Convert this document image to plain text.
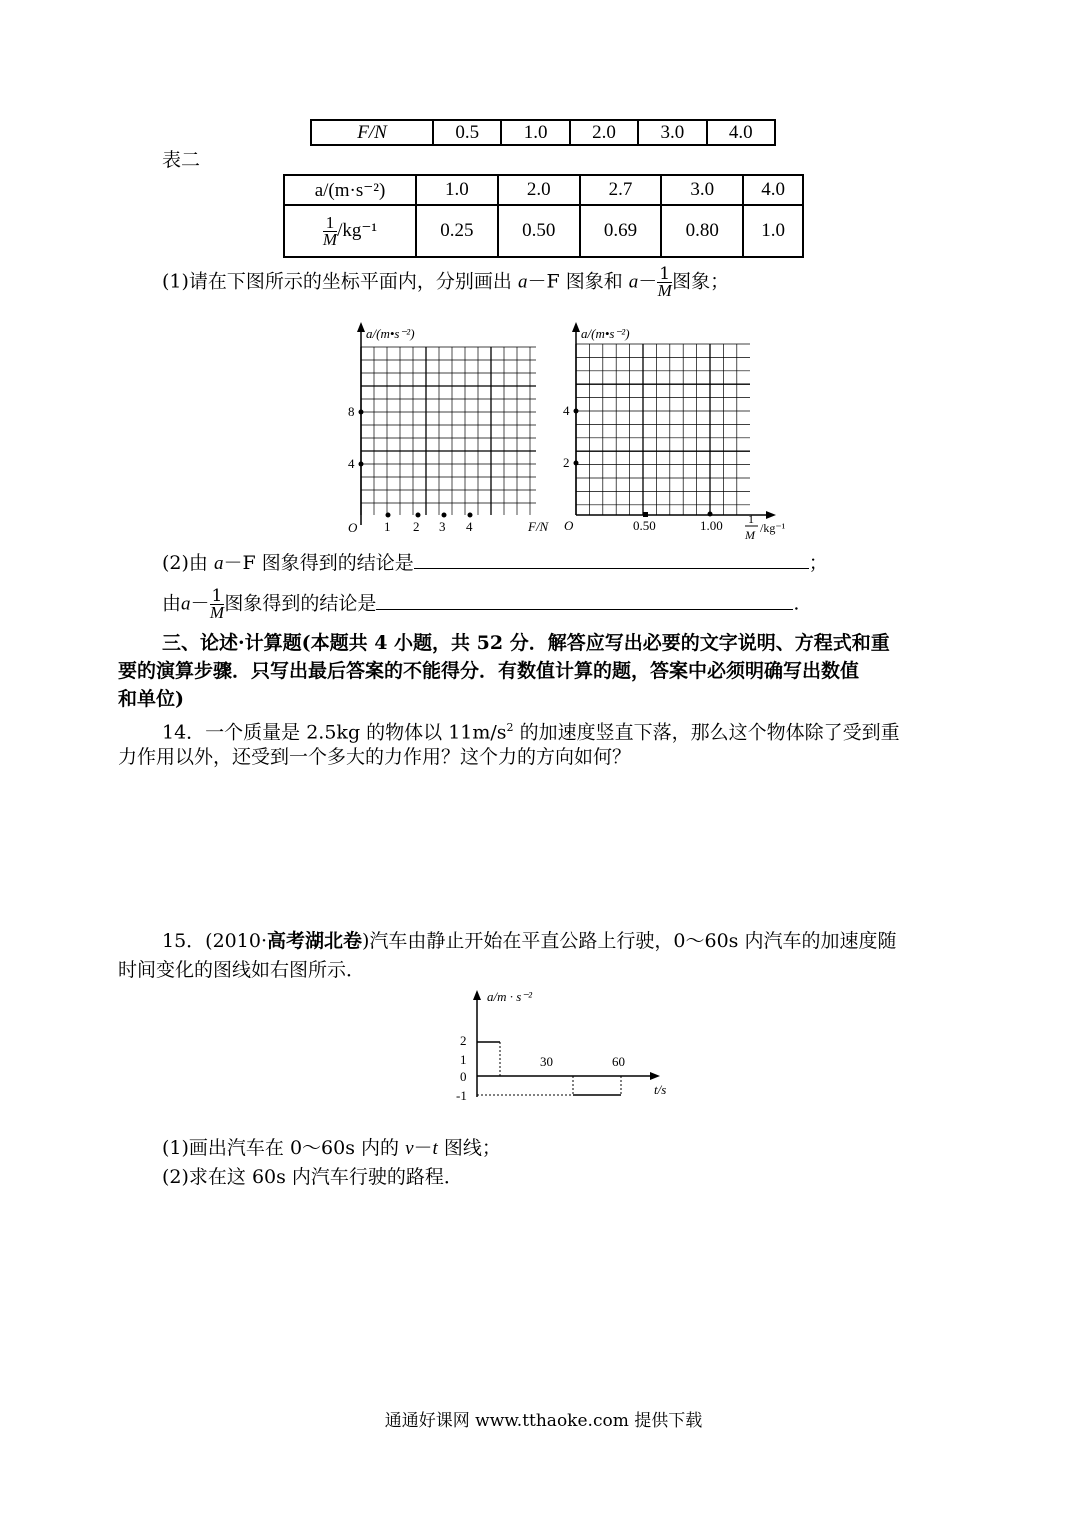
F/N	0.5	1.0	2.0	3.0	4.0
表二
a/(m·s⁻²)	1.0	2.0	2.7	3.0	4.0

$\frac{1}{M} /kg^{-1}$	0.25	0.50	0.69	0.80	1.0
(1)请在下图所示的坐标平面内，分别画出 a－F 图象和 $a- \frac{1}{M}$ 图象；
a/(m•s⁻²)
8
4
O 1 2 3 4	F/N
a/(m•s⁻²)
4
2
O	0.50	1.00 1
M /kg⁻¹
(2)由 a－F 图象得到的结论是	；
由$a- \frac{1}{M}$ 图象得到的结论是	.
三、论述·计算题(本题共 4 小题，共 52 分．解答应写出必要的文字说明、方程式和重
要的演算步骤．只写出最后答案的不能得分．有数值计算的题，答案中必须明确写出数值
和单位)
14．一个质量是 2.5kg 的物体以 $11m/s^2$ 的加速度竖直下落，那么这个物体除了受到重
力作用以外，还受到一个多大的力作用？这个力的方向如何？
15．(2010·高考湖北卷)汽车由静止开始在平直公路上行驶，0～60s 内汽车的加速度随
时间变化的图线如右图所示．
a/m · s⁻²
2
1
0
-1
30	60
t/s
(1)画出汽车在 0～60s 内的 v－t 图线；
(2)求在这 60s 内汽车行驶的路程．
通通好课网 www.tthaoke.com 提供下载
